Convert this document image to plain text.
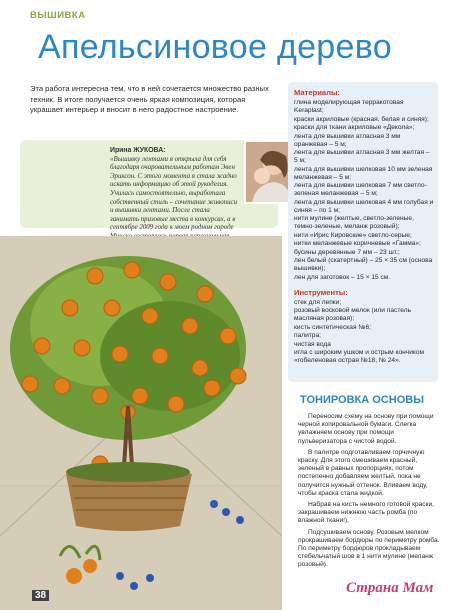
ВЫШИВКА
Апельсиновое дерево
Эта работа интересна тем, что в ней сочетается множество разных техник. В итоге получается очень яркая композиция, которая украшает интерьер и вносит в него радостное настроение.
Ирина ЖУКОВА:
«Вышивку лентами я открыла для себя благодаря очаровательным работам Эвен Эриксон. С этого момента я стала жадно искать информацию об этой рукоделия. Училась самостоятельно, выработала собственный стиль – сочетание живописи и вышивки лентами. После стала занимать призовые места в конкурсах, а в сентябре 2009 года в моем родном городе
Материалы:
глина моделирующая терракотовая Keraplast;
краски акриловые (красная, белая и синяя);
краски для ткани акриловые «Декола»;
лента для вышивки атласная 3 мм оранжевая – 5 м;
лента для вышивки атласная 3 мм желтая – 5 м;
лента для вышивки шелковая 10 мм зеленая меланжевая – 5 м;
лента для вышивки шелковая 7 мм светло-зеленая меланжевая – 5 м;
лента для вышивки шелковая 4 мм голубая и синяя – по 1 м;
нити мулине (желтые, светло-зеленые, темно-зеленые, меланж розовый);
нити «Ирис Кировские» светло-серые;
нитки меланжевые коричневые «Гамма»;
бусины деревянные 7 мм – 23 шт.;
лен белый (скатертный) – 25 × 35 см (основа вышивки);
лен для заготовок – 15 × 15 см.
Инструменты:
стек для лепки;
розовый восковой мелок (или пастель масляная розовая);
кисть синтетическая №6;
палитра;
чистая вода
игла с широким ушком и острым кончиком «гобеленовая острая №18, № 24».
ТОНИРОВКА ОСНОВЫ

Переносим схему на основу при помощи черной копировальной бумаги. Слегка увлажняем основу при помощи пульверизатора с чистой водой.

В палитре подготавливаем горчичную краску. Для этого смешиваем красный, зеленый в равных пропорциях, потом постепенно добавляем желтый, пока не получится нужный оттенок. Вливаем воду, чтобы краска стала жидкой.

Набрав на кисть немного готовой краски, закрашиваем нижнюю часть ромба (по влажной ткани!).

Подсушиваем основу. Розовым мелком прокрашиваем бордюры по периметру ромба. По периметру бордюров прокладываем стебельчатый шов в 1 нити мулине (меланж розовый).

38	Страна Мам
